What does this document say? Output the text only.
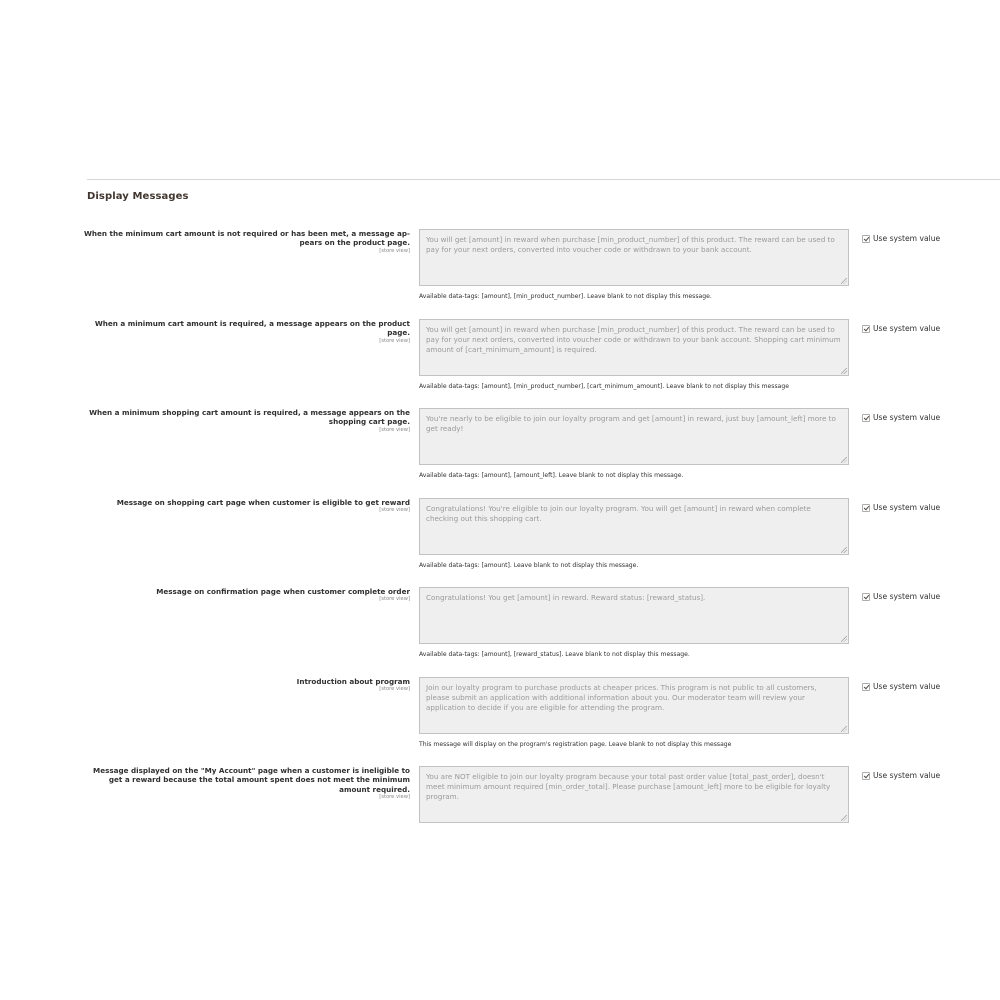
Display Messages
When the minimum cart amount is not required or has been met, a message ap-pears on the product page.
[store view]
You will get [amount] in reward when purchase [min_product_number] of this product. The reward can be used to pay for your next orders, converted into voucher code or withdrawn to your bank account.
Available data-tags: [amount], [min_product_number]. Leave blank to not display this message.
Use system value
When a minimum cart amount is required, a message appears on the product page.
[store view]
You will get [amount] in reward when purchase [min_product_number] of this product. The reward can be used to pay for your next orders, converted into voucher code or withdrawn to your bank account. Shopping cart minimum amount of [cart_minimum_amount] is required.
Available data-tags: [amount], [min_product_number], [cart_minimum_amount]. Leave blank to not display this message
Use system value
When a minimum shopping cart amount is required, a message appears on the shopping cart page.
[store view]
You're nearly to be eligible to join our loyalty program and get [amount] in reward, just buy [amount_left] more to get ready!
Available data-tags: [amount], [amount_left]. Leave blank to not display this message.
Use system value
Message on shopping cart page when customer is eligible to get reward
[store view]	Congratulations! You're eligible to join our loyalty program. You will get [amount] in reward when complete checking out this shopping cart.
Available data-tags: [amount]. Leave blank to not display this message.
Use system value
Message on confirmation page when customer complete order
[store view]	Congratulations! You get [amount] in reward. Reward status: [reward_status].
Available data-tags: [amount], [reward_status]. Leave blank to not display this message.
Use system value
Introduction about program
[store view]	Join our loyalty program to purchase products at cheaper prices. This program is not public to all customers, please submit an application with additional information about you. Our moderator team will review your application to decide if you are eligible for attending the program.
This message will display on the program's registration page. Leave blank to not display this message
Use system value
Message displayed on the "My Account" page when a customer is ineligible to get a reward because the total amount spent does not meet the minimum amount required.
[store view]
You are NOT eligible to join our loyalty program because your total past order value [total_past_order], doesn't meet minimum amount required [min_order_total]. Please purchase [amount_left] more to be eligible for loyalty program.
Use system value
